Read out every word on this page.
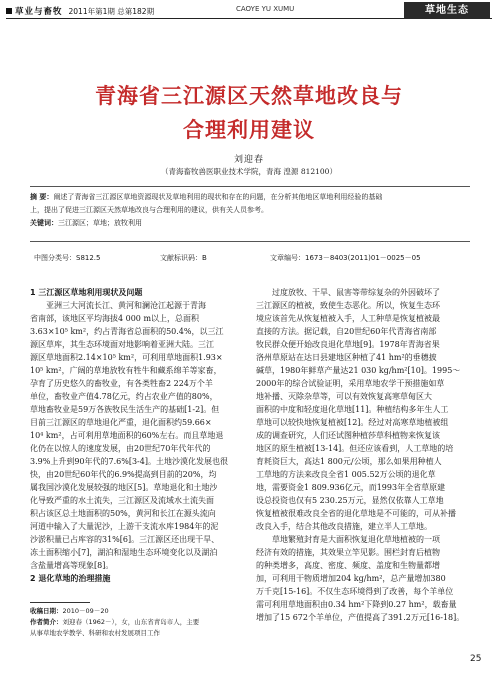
草业与畜牧 2011年第1期 总第182期	CAOYE YU XUMU	草地生态
青海省三江源区天然草地改良与
合理利用建议
刘迎春
（青海畜牧兽医职业技术学院，青海 湟源 812100）
摘 要：阐述了青海省三江源区草地资源现状及草地利用的现状和存在的问题，在分析其他地区草地利用经验的基础
上，提出了促进三江源区天然草地改良与合理利用的建议，供有关人员参考。
关键词：三江源区；草地；放牧利用
中图分类号：S812.5	文献标识码：B	文章编号：1673－8403(2011)01－0025－05
1 三江源区草地利用现状及问题
亚洲三大河流长江、黄河和澜沧江起源于青海
省南部，该地区平均海拔4 000 m以上，总面积
3.63×10⁵ km²，约占青海省总面积的50.4%，以三江
源区草库，其生态环境面对地影响着亚洲大陆。三江
源区草地面积2.14×10⁵ km²，可利用草地面积1.93×
10⁵ km²，广阔的草地放牧有牲牛和藏系绵羊等家畜，
孕育了历史悠久的畜牧业，有各类牲畜2 224万个羊
单位，畜牧业产值4.78亿元，约占农业产值的80%，
草地畜牧业是59万各族牧民生活生产的基础[1-2]。但
目前三江源区的草地退化严重，退化面积约59.66×
10⁴ km²，占可利用草地面积的60%左右。而且草地退
化仍在以惊人的速度发展，由20世纪70年代年代的
3.9%上升到90年代的7.6%[3-4]。土地沙漠化发展也很
快，由20世纪60年代的6.9%提高到目前的20%，均
属我国沙漠化发展较强的地区[5]。草地退化和土地沙
化导致严重的水土流失，三江源区及流域水土流失面
积占该区总土地面积的50%，黄河和长江在源头流向
河道中输入了大量泥沙，上游干支流水库1984年的泥
沙淤积量已占库容的31%[6]。三江源区还出现干旱、
冻土面积缩小[7]，湖泊和湿地生态环境变化以及湖泊
含盐量增高等现象[8]。
2 退化草地的治理措施
过度放牧、干旱、鼠害等带综复杂的外因破坏了
三江源区的植被，致使生态恶化。所以，恢复生态环
境应该首先从恢复植被入手，人工种草是恢复植被最
直接的方法。据记载，自20世纪60年代青海省南部
牧民群众便开始改良退化草地[9]。1978年青海省果
洛州草原站在达日县建地区种植了41 hm²的垂穗披
碱草，1980年鲜草产量达21 030 kg/hm²[10]。1995～
2000年的综合试验证明，采用草地农学干预措施如草
地补播、灭除杂草等，可以有效恢复高寒草甸区大
面积的中度和轻度退化草地[11]。种植结构多年生人工
草地可以较快地恢复植被[12]。经过对高寒草地植被组
成的调查研究，人们还试图种植莎草科植物来恢复该
地区的原生植被[13-14]。但还应该看到，人工草地的培
育耗资巨大，高达1 800元/公顷，那么如果用种植人
工草地的方法来改良全省1 005.52万公顷的退化草
地，需要资金1 809.936亿元，而1993年全省草原建
设总投资也仅有5 230.25万元，显然仅依靠人工草地
恢复植被很难改良全省的退化草地是不可能的，可从补播
改良入手，结合其他改良措施，建立半人工草地。
草地繁殖封育是大面积恢复退化草地植被的一项
经济有效的措施，其效果立竿见影。围栏封育后植物
的种类增多，高度、密度、频度、盖度和生物量都增
加，可利用干物质增加204 kg/hm²，总产量增加380
万千克[15-16]。不仅生态环境得到了改善，每个羊单位
需可利用草地面积由0.34 hm²下降到0.27 hm²，载畜量
增加了15 672个羊单位，产值提高了391.2万元[16-18]。
收稿日期：2010－09－20
作者简介：刘迎春（1962－），女，山东省青岛市人，主要
从事草地农学教学、科研和农村发展项目工作
25
